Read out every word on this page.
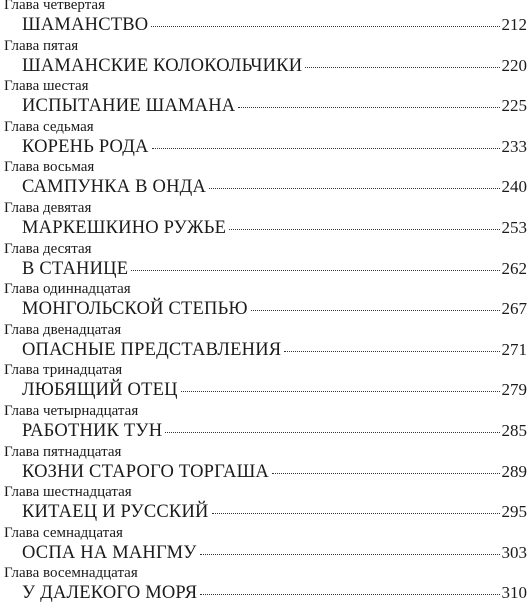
Глава четвертая
ШАМАНСТВО	212
Глава пятая
ШАМАНСКИЕ КОЛОКОЛЬЧИКИ	220
Глава шестая
ИСПЫТАНИЕ ШАМАНА	225
Глава седьмая
КОРЕНЬ РОДА	233
Глава восьмая
САМПУНКА В ОНДА	240
Глава девятая
МАРКЕШКИНО РУЖЬЕ	253
Глава десятая
В СТАНИЦЕ	262
Глава одиннадцатая
МОНГОЛЬСКОЙ СТЕПЬЮ	267
Глава двенадцатая
ОПАСНЫЕ ПРЕДСТАВЛЕНИЯ	271
Глава тринадцатая
ЛЮБЯЩИЙ ОТЕЦ	279
Глава четырнадцатая
РАБОТНИК ТУН	285
Глава пятнадцатая
КОЗНИ СТАРОГО ТОРГАША	289
Глава шестнадцатая
КИТАЕЦ И РУССКИЙ	295
Глава семнадцатая
ОСПА НА МАНГМУ	303
Глава восемнадцатая
У ДАЛЕКОГО МОРЯ	310
